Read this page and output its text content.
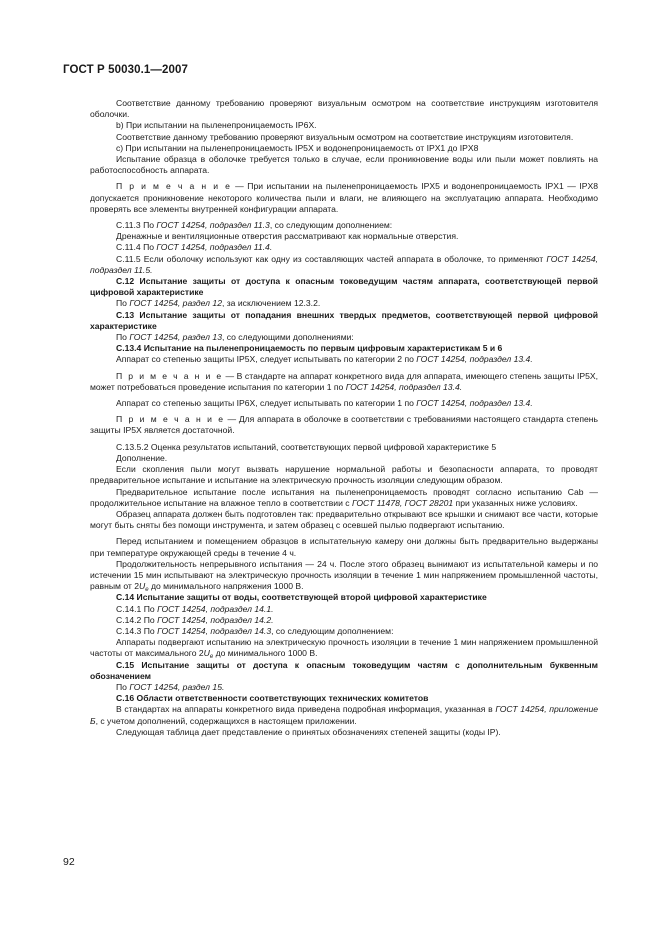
ГОСТ Р 50030.1—2007

Соответствие данному требованию проверяют визуальным осмотром на соответствие инструкциям изготовителя оболочки.

b) При испытании на пыленепроницаемость IP6X.

Соответствие данному требованию проверяют визуальным осмотром на соответствие инструкциям изготовителя.

c) При испытании на пыленепроницаемость IP5X и водонепроницаемость от IPX1 до IPX8

Испытание образца в оболочке требуется только в случае, если проникновение воды или пыли может повлиять на работоспособность аппарата.

П р и м е ч а н и е — При испытании на пыленепроницаемость IPX5 и водонепроницаемость IPX1 — IPX8 допускается проникновение некоторого количества пыли и влаги, не влияющего на эксплуатацию аппарата. Необходимо проверять все элементы внутренней конфигурации аппарата.

С.11.3 По ГОСТ 14254, подраздел 11.3, со следующим дополнением:

Дренажные и вентиляционные отверстия рассматривают как нормальные отверстия.

С.11.4 По ГОСТ 14254, подраздел 11.4.

С.11.5 Если оболочку используют как одну из составляющих частей аппарата в оболочке, то применяют ГОСТ 14254, подраздел 11.5.

С.12 Испытание защиты от доступа к опасным токоведущим частям аппарата, соответствующей первой цифровой характеристике

По ГОСТ 14254, раздел 12, за исключением 12.3.2.

С.13 Испытание защиты от попадания внешних твердых предметов, соответствующей первой цифровой характеристике

По ГОСТ 14254, раздел 13, со следующими дополнениями:

С.13.4 Испытание на пыленепроницаемость по первым цифровым характеристикам 5 и 6

Аппарат со степенью защиты IP5X, следует испытывать по категории 2 по ГОСТ 14254, подраздел 13.4.

П р и м е ч а н и е — В стандарте на аппарат конкретного вида для аппарата, имеющего степень защиты IP5X, может потребоваться проведение испытания по категории 1 по ГОСТ 14254, подраздел 13.4.

Аппарат со степенью защиты IP6X, следует испытывать по категории 1 по ГОСТ 14254, подраздел 13.4.

П р и м е ч а н и е — Для аппарата в оболочке в соответствии с требованиями настоящего стандарта степень защиты IP5X является достаточной.

С.13.5.2 Оценка результатов испытаний, соответствующих первой цифровой характеристике 5

Дополнение.

Если скопления пыли могут вызвать нарушение нормальной работы и безопасности аппарата, то проводят предварительное испытание и испытание на электрическую прочность изоляции следующим образом.

Предварительное испытание после испытания на пыленепроницаемость проводят согласно испытанию Cab — продолжительное испытание на влажное тепло в соответствии с ГОСТ 11478, ГОСТ 28201 при указанных ниже условиях.

Образец аппарата должен быть подготовлен так: предварительно открывают все крышки и снимают все части, которые могут быть сняты без помощи инструмента, и затем образец с осевшей пылью подвергают испытанию.

Перед испытанием и помещением образцов в испытательную камеру они должны быть предварительно выдержаны при температуре окружающей среды в течение 4 ч.

Продолжительность непрерывного испытания — 24 ч. После этого образец вынимают из испытательной камеры и по истечении 15 мин испытывают на электрическую прочность изоляции в течение 1 мин напряжением промышленной частоты, равным от $2U_e$ до минимального напряжения 1000 В.

С.14 Испытание защиты от воды, соответствующей второй цифровой характеристике

С.14.1 По ГОСТ 14254, подраздел 14.1.

С.14.2 По ГОСТ 14254, подраздел 14.2.

С.14.3 По ГОСТ 14254, подраздел 14.3, со следующим дополнением:

Аппараты подвергают испытанию на электрическую прочность изоляции в течение 1 мин напряжением промышленной частоты от максимального $2U_e$ до минимального 1000 В.

С.15 Испытание защиты от доступа к опасным токоведущим частям с дополнительным буквенным обозначением

По ГОСТ 14254, раздел 15.

С.16 Области ответственности соответствующих технических комитетов

В стандартах на аппараты конкретного вида приведена подробная информация, указанная в ГОСТ 14254, приложение Б, с учетом дополнений, содержащихся в настоящем приложении.

Следующая таблица дает представление о принятых обозначениях степеней защиты (коды IP).

92
